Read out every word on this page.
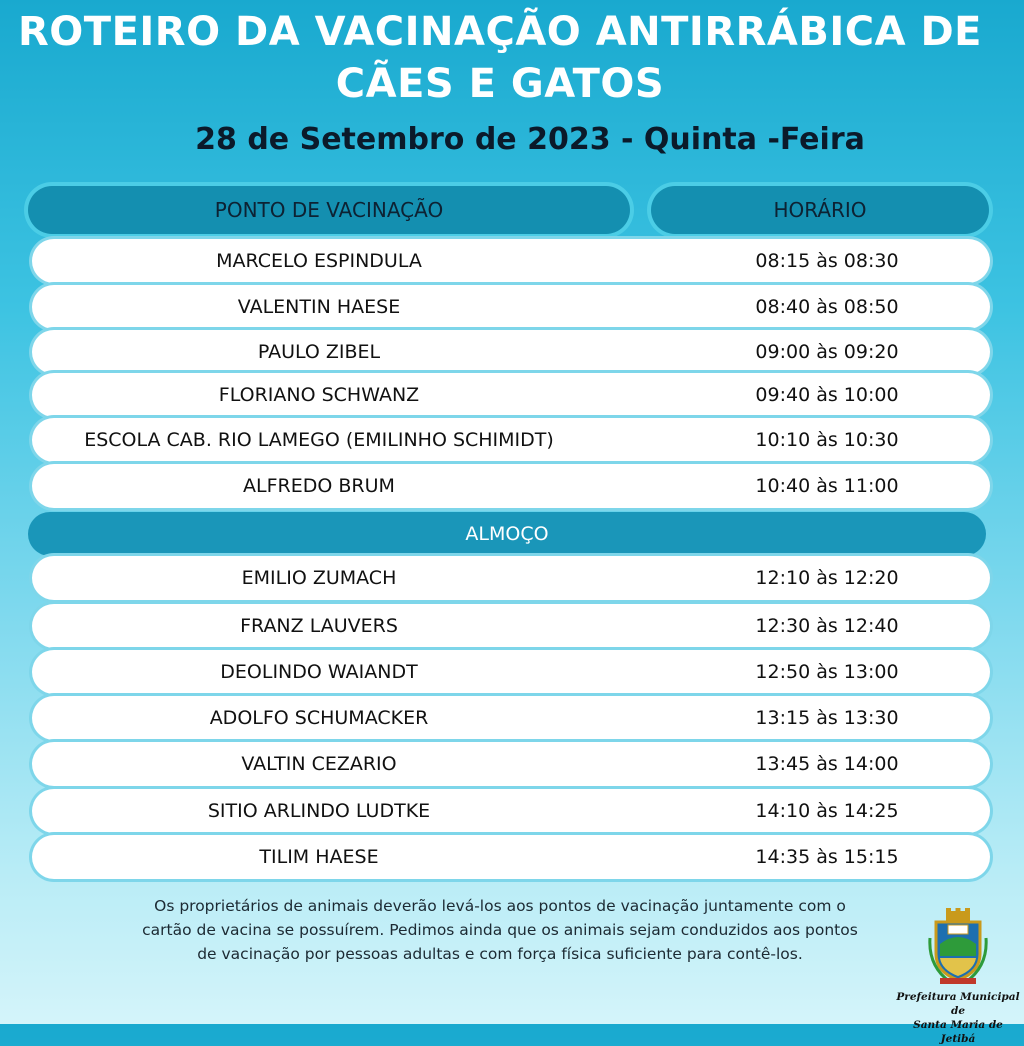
ROTEIRO DA VACINAÇÃO ANTIRRÁBICA DE
CÃES E GATOS
28 de Setembro de 2023 - Quinta -Feira
PONTO DE VACINAÇÃO	HORÁRIO
MARCELO ESPINDULA	08:15 às 08:30
VALENTIN HAESE	08:40 às 08:50
PAULO ZIBEL	09:00 às 09:20
FLORIANO SCHWANZ	09:40 às 10:00
ESCOLA CAB. RIO LAMEGO (EMILINHO SCHIMIDT)	10:10 às 10:30
ALFREDO BRUM	10:40 às 11:00
ALMOÇO
EMILIO ZUMACH	12:10 às 12:20
FRANZ LAUVERS	12:30 às 12:40
DEOLINDO WAIANDT	12:50 às 13:00
ADOLFO SCHUMACKER	13:15 às 13:30
VALTIN CEZARIO	13:45 às 14:00
SITIO ARLINDO LUDTKE	14:10 às 14:25
TILIM HAESE	14:35 às 15:15
Os proprietários de animais deverão levá-los aos pontos de vacinação juntamente com o
cartão de vacina se possuírem. Pedimos ainda que os animais sejam conduzidos aos pontos
de vacinação por pessoas adultas e com força física suficiente para contê-los.
Prefeitura Municipal de
Santa Maria de Jetibá
